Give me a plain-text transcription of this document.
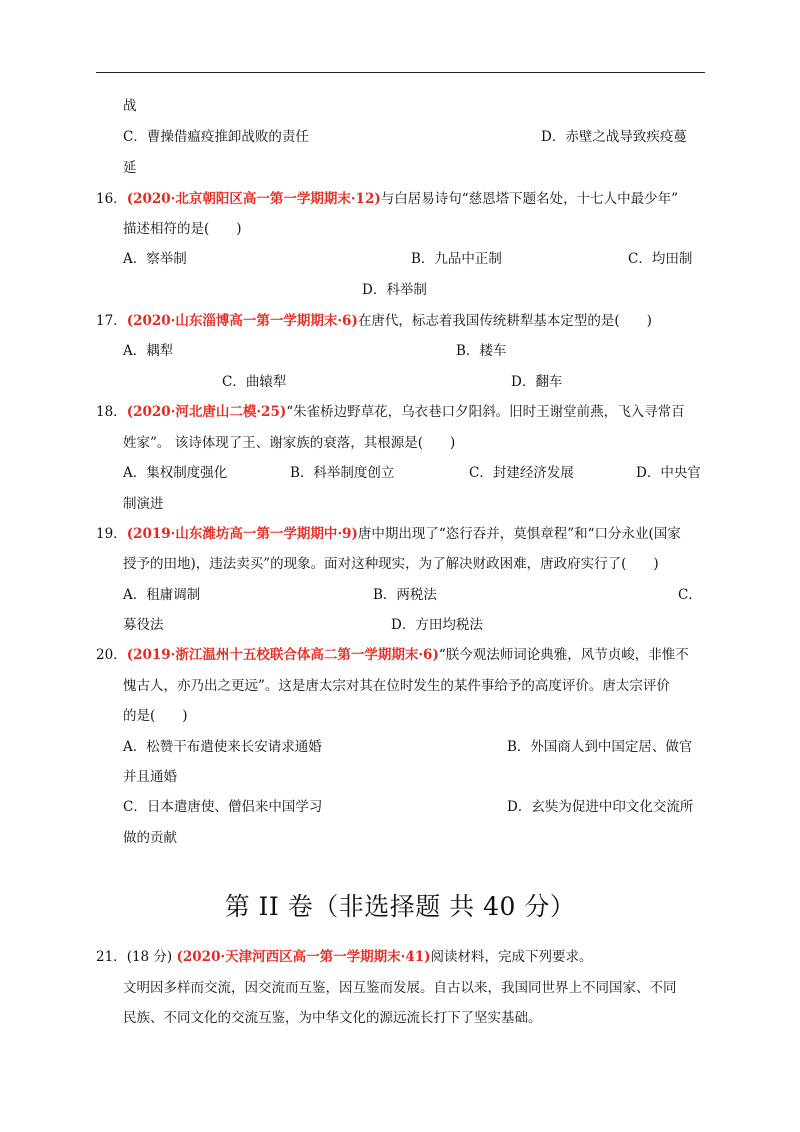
战
C．曹操借瘟疫推卸战败的责任	D．赤壁之战导致疾疫蔓
延
16．(2020·北京朝阳区高一第一学期期末·12)与白居易诗句“慈恩塔下题名处，十七人中最少年”
描述相符的是(　　)
A．察举制	B．九品中正制	C．均田制
D．科举制
17．(2020·山东淄博高一第一学期期末·6)在唐代，标志着我国传统耕犁基本定型的是(　　)
A．耦犁	B．耧车
C．曲辕犁	D．翻车
18．(2020·河北唐山二模·25)“朱雀桥边野草花，乌衣巷口夕阳斜。旧时王谢堂前燕，飞入寻常百
姓家”。 该诗体现了王、谢家族的衰落，其根源是(　　)
A．集权制度强化	B．科举制度创立	C．封建经济发展	D．中央官
制演进
19．(2019·山东潍坊高一第一学期期中·9)唐中期出现了“恣行吞并，莫惧章程”和“口分永业(国家
授予的田地)，违法卖买”的现象。面对这种现实，为了解决财政困难，唐政府实行了(　　)
A．租庸调制	B．两税法	C．
募役法	D．方田均税法
20．(2019·浙江温州十五校联合体高二第一学期期末·6)“朕今观法师词论典雅，风节贞峻，非惟不
愧古人，亦乃出之更远”。这是唐太宗对其在位时发生的某件事给予的高度评价。唐太宗评价
的是(　　)
A．松赞干布遣使来长安请求通婚	B．外国商人到中国定居、做官
并且通婚
C．日本遣唐使、僧侣来中国学习	D．玄奘为促进中印文化交流所
做的贡献
第 II 卷（非选择题 共 40 分）
21．(18 分) (2020·天津河西区高一第一学期期末·41)阅读材料，完成下列要求。
文明因多样而交流，因交流而互鉴，因互鉴而发展。自古以来，我国同世界上不同国家、不同
民族、不同文化的交流互鉴，为中华文化的源远流长打下了坚实基础。
